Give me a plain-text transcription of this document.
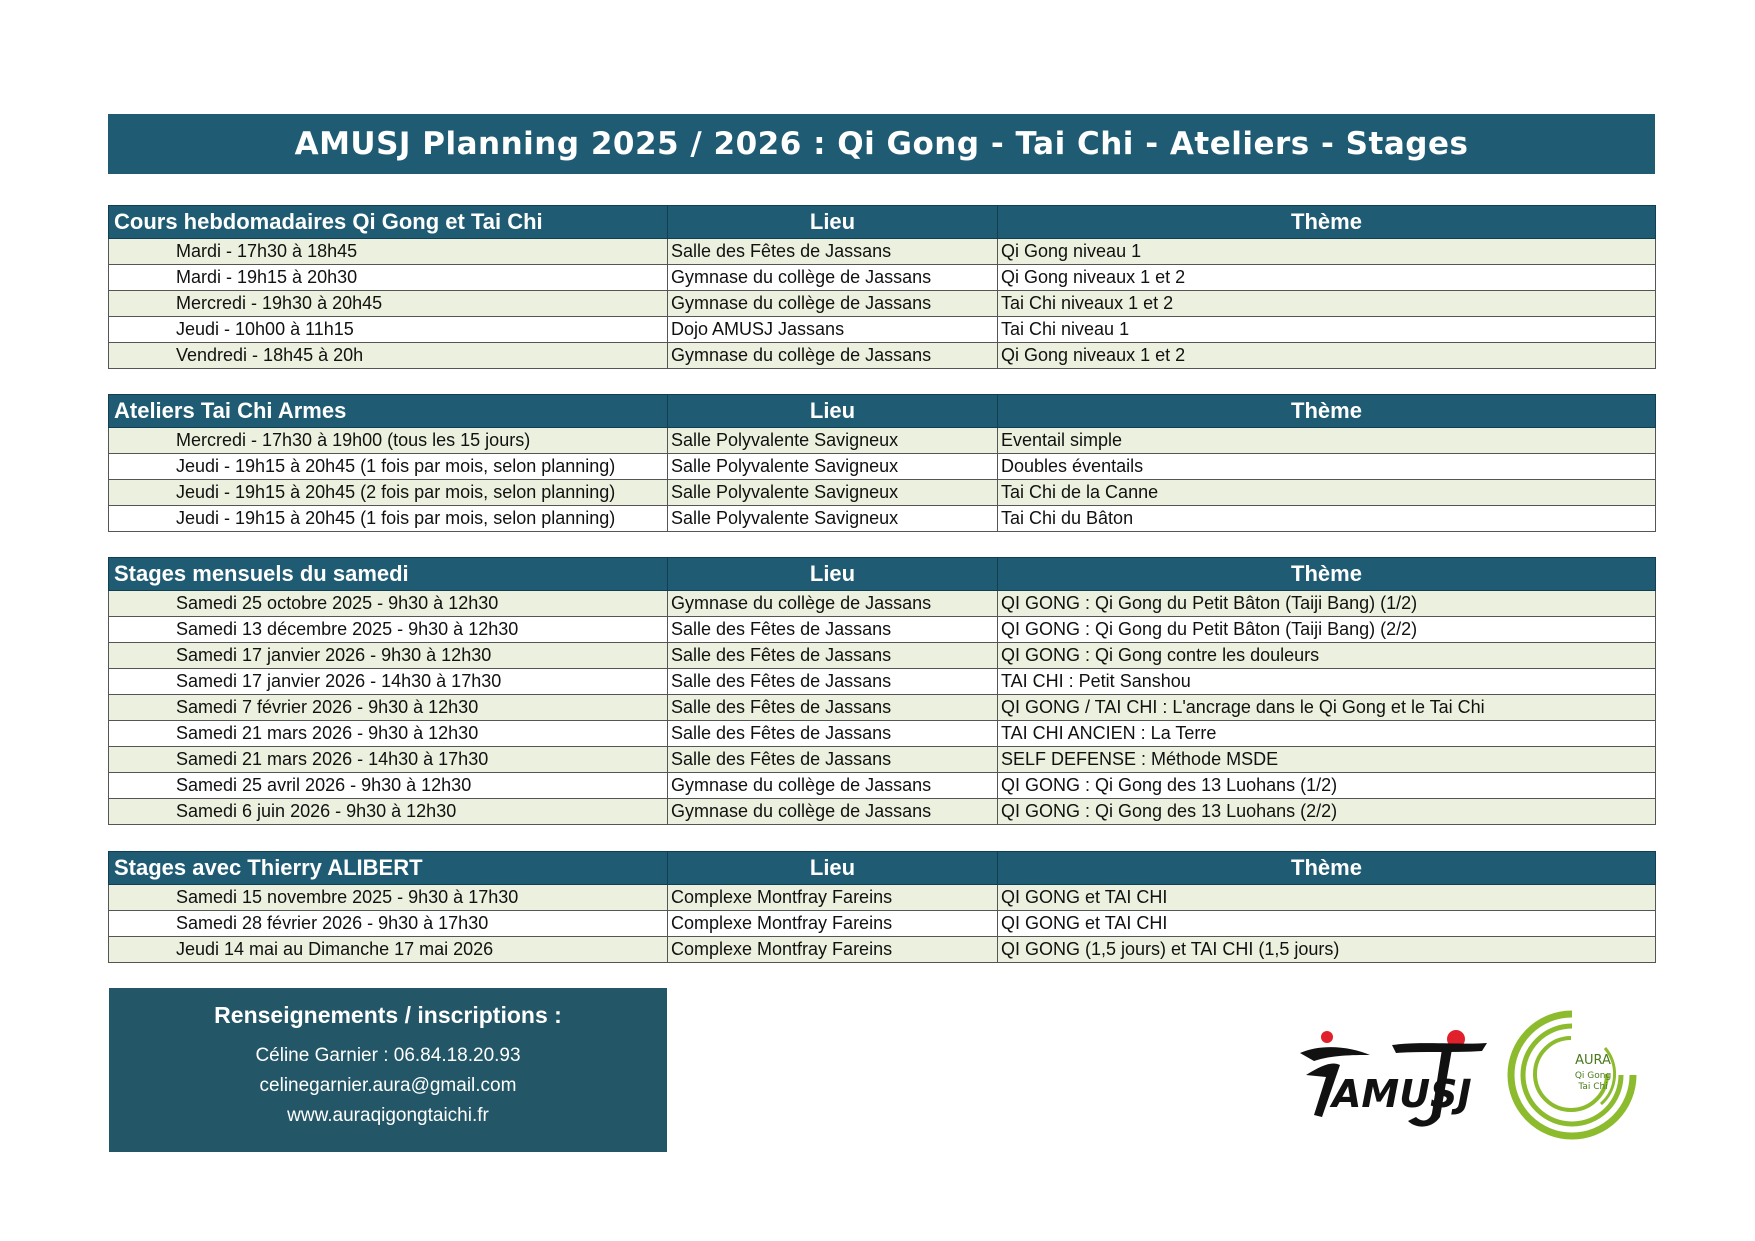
AMUSJ Planning 2025 / 2026 : Qi Gong - Tai Chi - Ateliers - Stages
Cours hebdomadaires Qi Gong et Tai Chi	Lieu	Thème
Mardi - 17h30 à 18h45	Salle des Fêtes de Jassans	Qi Gong niveau 1
Mardi - 19h15 à 20h30	Gymnase du collège de Jassans	Qi Gong niveaux 1 et 2
Mercredi - 19h30 à 20h45	Gymnase du collège de Jassans	Tai Chi niveaux 1 et 2
Jeudi - 10h00 à 11h15	Dojo AMUSJ Jassans	Tai Chi niveau 1
Vendredi - 18h45 à 20h	Gymnase du collège de Jassans	Qi Gong niveaux 1 et 2
Ateliers Tai Chi Armes	Lieu	Thème
Mercredi - 17h30 à 19h00 (tous les 15 jours)	Salle Polyvalente Savigneux	Eventail simple
Jeudi - 19h15 à 20h45 (1 fois par mois, selon planning)	Salle Polyvalente Savigneux	Doubles éventails
Jeudi - 19h15 à 20h45 (2 fois par mois, selon planning)	Salle Polyvalente Savigneux	Tai Chi de la Canne
Jeudi - 19h15 à 20h45 (1 fois par mois, selon planning)	Salle Polyvalente Savigneux	Tai Chi du Bâton
Stages mensuels du samedi	Lieu	Thème
Samedi 25 octobre 2025 - 9h30 à 12h30	Gymnase du collège de Jassans	QI GONG : Qi Gong du Petit Bâton (Taiji Bang) (1/2)
Samedi 13 décembre 2025 - 9h30 à 12h30	Salle des Fêtes de Jassans	QI GONG : Qi Gong du Petit Bâton (Taiji Bang) (2/2)
Samedi 17 janvier 2026 - 9h30 à 12h30	Salle des Fêtes de Jassans	QI GONG : Qi Gong contre les douleurs
Samedi 17 janvier 2026 - 14h30 à 17h30	Salle des Fêtes de Jassans	TAI CHI : Petit Sanshou
Samedi 7 février 2026 - 9h30 à 12h30	Salle des Fêtes de Jassans	QI GONG / TAI CHI : L'ancrage dans le Qi Gong et le Tai Chi
Samedi 21 mars 2026 - 9h30 à 12h30	Salle des Fêtes de Jassans	TAI CHI ANCIEN : La Terre
Samedi 21 mars 2026 - 14h30 à 17h30	Salle des Fêtes de Jassans	SELF DEFENSE : Méthode MSDE
Samedi 25 avril 2026 - 9h30 à 12h30	Gymnase du collège de Jassans	QI GONG : Qi Gong des 13 Luohans (1/2)
Samedi 6 juin 2026 - 9h30 à 12h30	Gymnase du collège de Jassans	QI GONG : Qi Gong des 13 Luohans (2/2)
Stages avec Thierry ALIBERT	Lieu	Thème
Samedi 15 novembre 2025 - 9h30 à 17h30	Complexe Montfray Fareins	QI GONG et TAI CHI
Samedi 28 février 2026 - 9h30 à 17h30	Complexe Montfray Fareins	QI GONG et TAI CHI
Jeudi 14 mai au Dimanche 17 mai 2026	Complexe Montfray Fareins	QI GONG (1,5 jours) et TAI CHI (1,5 jours)
Renseignements / inscriptions :
Céline Garnier : 06.84.18.20.93
celinegarnier.aura@gmail.com
www.auraqigongtaichi.fr	AMUSJ
AURA
Qi Gong
Tai Chi
